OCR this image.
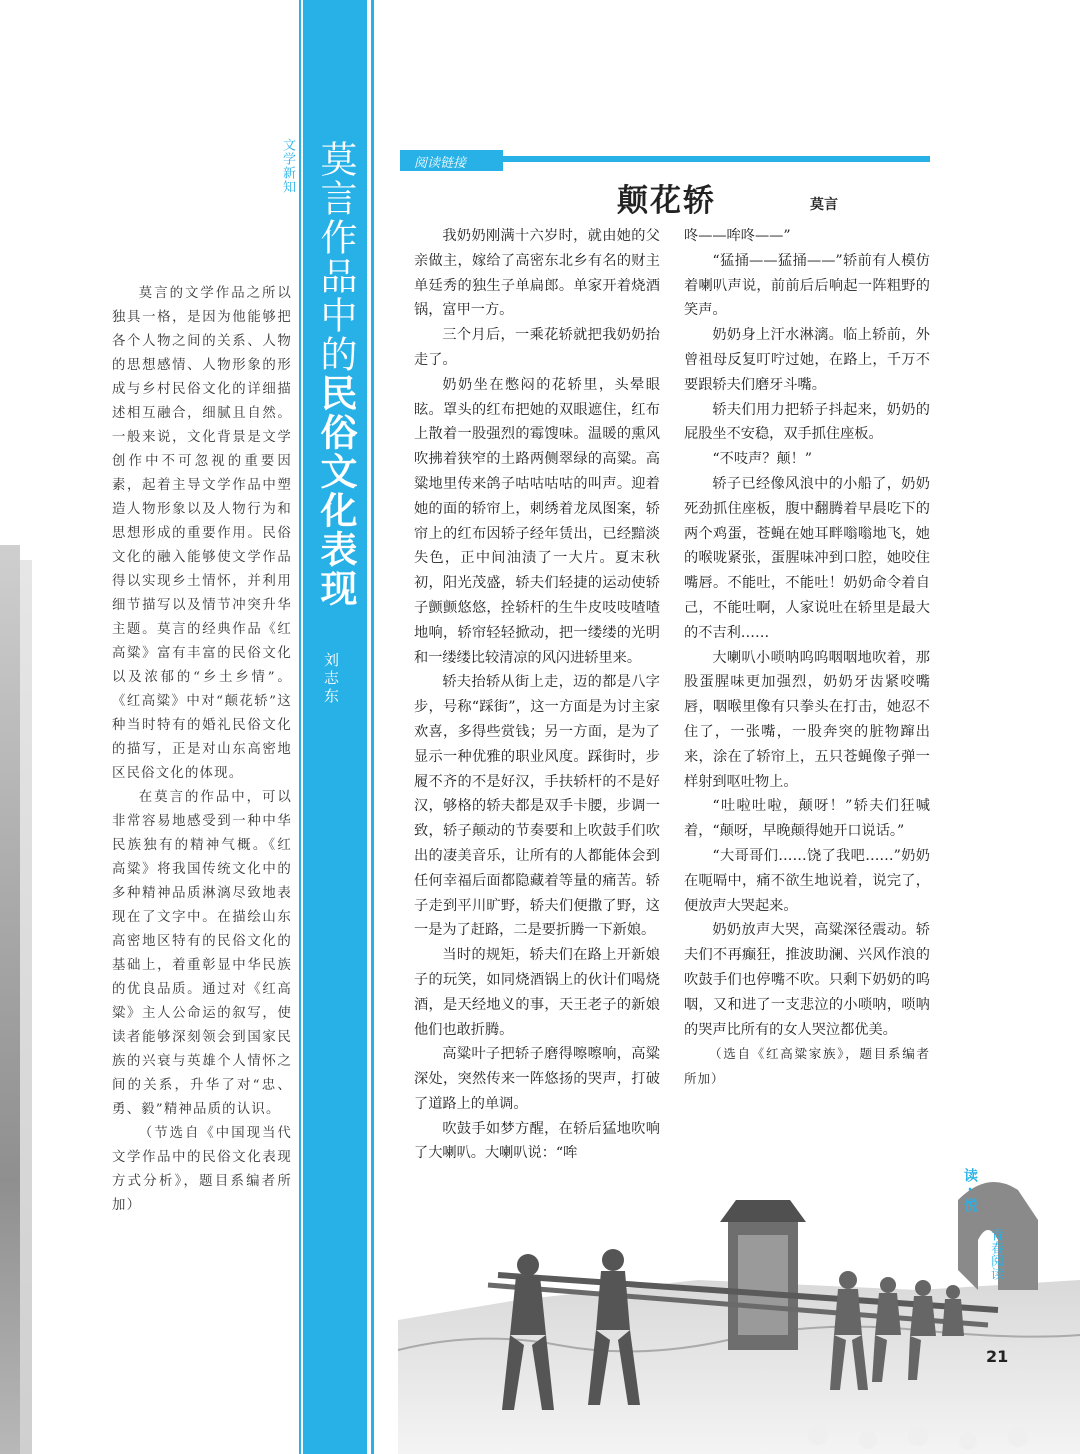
莫言的文学作品之所以独具一格，是因为他能够把各个人物之间的关系、人物的思想感情、人物形象的形成与乡村民俗文化的详细描述相互融合，细腻且自然。一般来说，文化背景是文学创作中不可忽视的重要因素，起着主导文学作品中塑造人物形象以及人物行为和思想形成的重要作用。民俗文化的融入能够使文学作品得以实现乡土情怀，并利用细节描写以及情节冲突升华主题。莫言的经典作品《红高粱》富有丰富的民俗文化以及浓郁的“乡土乡情”。《红高粱》中对“颠花轿”这种当时特有的婚礼民俗文化的描写，正是对山东高密地区民俗文化的体现。

在莫言的作品中，可以非常容易地感受到一种中华民族独有的精神气概。《红高粱》将我国传统文化中的多种精神品质淋漓尽致地表现在了文字中。在描绘山东高密地区特有的民俗文化的基础上，着重彰显中华民族的优良品质。通过对《红高粱》主人公命运的叙写，使读者能够深刻领会到国家民族的兴衰与英雄个人情怀之间的关系，升华了对“忠、勇、毅”精神品质的认识。

（节选自《中国现当代文学作品中的民俗文化表现方式分析》，题目系编者所加）

文学新知 莫言作品中的民俗文化表现
刘志东
阅读链接
颠花轿	莫言

我奶奶刚满十六岁时，就由她的父亲做主，嫁给了高密东北乡有名的财主单廷秀的独生子单扁郎。单家开着烧酒锅，富甲一方。

三个月后，一乘花轿就把我奶奶抬走了。

奶奶坐在憋闷的花轿里，头晕眼眩。罩头的红布把她的双眼遮住，红布上散着一股强烈的霉馊味。温暖的熏风吹拂着狭窄的土路两侧翠绿的高粱。高粱地里传来鸽子咕咕咕咕的叫声。迎着她的面的轿帘上，刺绣着龙凤图案，轿帘上的红布因轿子经年赁出，已经黯淡失色，正中间油渍了一大片。夏末秋初，阳光茂盛，轿夫们轻捷的运动使轿子颤颤悠悠，拴轿杆的生牛皮吱吱喳喳地响，轿帘轻轻掀动，把一缕缕的光明和一缕缕比较清凉的风闪进轿里来。

轿夫抬轿从街上走，迈的都是八字步，号称“踩街”，这一方面是为讨主家欢喜，多得些赏钱；另一方面，是为了显示一种优雅的职业风度。踩街时，步履不齐的不是好汉，手扶轿杆的不是好汉，够格的轿夫都是双手卡腰，步调一致，轿子颠动的节奏要和上吹鼓手们吹出的凄美音乐，让所有的人都能体会到任何幸福后面都隐藏着等量的痛苦。轿子走到平川旷野，轿夫们便撒了野，这一是为了赶路，二是要折腾一下新娘。

当时的规矩，轿夫们在路上开新娘子的玩笑，如同烧酒锅上的伙计们喝烧酒，是天经地义的事，天王老子的新娘他们也敢折腾。

高粱叶子把轿子磨得嚓嚓响，高粱深处，突然传来一阵悠扬的哭声，打破了道路上的单调。

吹鼓手如梦方醒，在轿后猛地吹响了大喇叭。大喇叭说：“哞

咚——哞咚——”

“猛捅——猛捅——”轿前有人模仿着喇叭声说，前前后后响起一阵粗野的笑声。

奶奶身上汗水淋漓。临上轿前，外曾祖母反复叮咛过她，在路上，千万不要跟轿夫们磨牙斗嘴。

轿夫们用力把轿子抖起来，奶奶的屁股坐不安稳，双手抓住座板。

“不吱声？颠！”

轿子已经像风浪中的小船了，奶奶死劲抓住座板，腹中翻腾着早晨吃下的两个鸡蛋，苍蝇在她耳畔嗡嗡地飞，她的喉咙紧张，蛋腥味冲到口腔，她咬住嘴唇。不能吐，不能吐！奶奶命令着自己，不能吐啊，人家说吐在轿里是最大的不吉利……

大喇叭小唢呐呜呜咽咽地吹着，那股蛋腥味更加强烈，奶奶牙齿紧咬嘴唇，咽喉里像有只拳头在打击，她忍不住了，一张嘴，一股奔突的脏物蹿出来，涂在了轿帘上，五只苍蝇像子弹一样射到呕吐物上。

“吐啦吐啦，颠呀！”轿夫们狂喊着，“颠呀，早晚颠得她开口说话。”

“大哥哥们……饶了我吧……”奶奶在呃嗝中，痛不欲生地说着，说完了，便放声大哭起来。

奶奶放声大哭，高粱深径震动。轿夫们不再癫狂，推波助澜、兴风作浪的吹鼓手们也停嘴不吹。只剩下奶奶的呜咽，又和进了一支悲泣的小唢呐，唢呐的哭声比所有的女人哭泣都优美。

（选自《红高粱家族》，题目系编者所加）

读·悦
青春阅读
21
